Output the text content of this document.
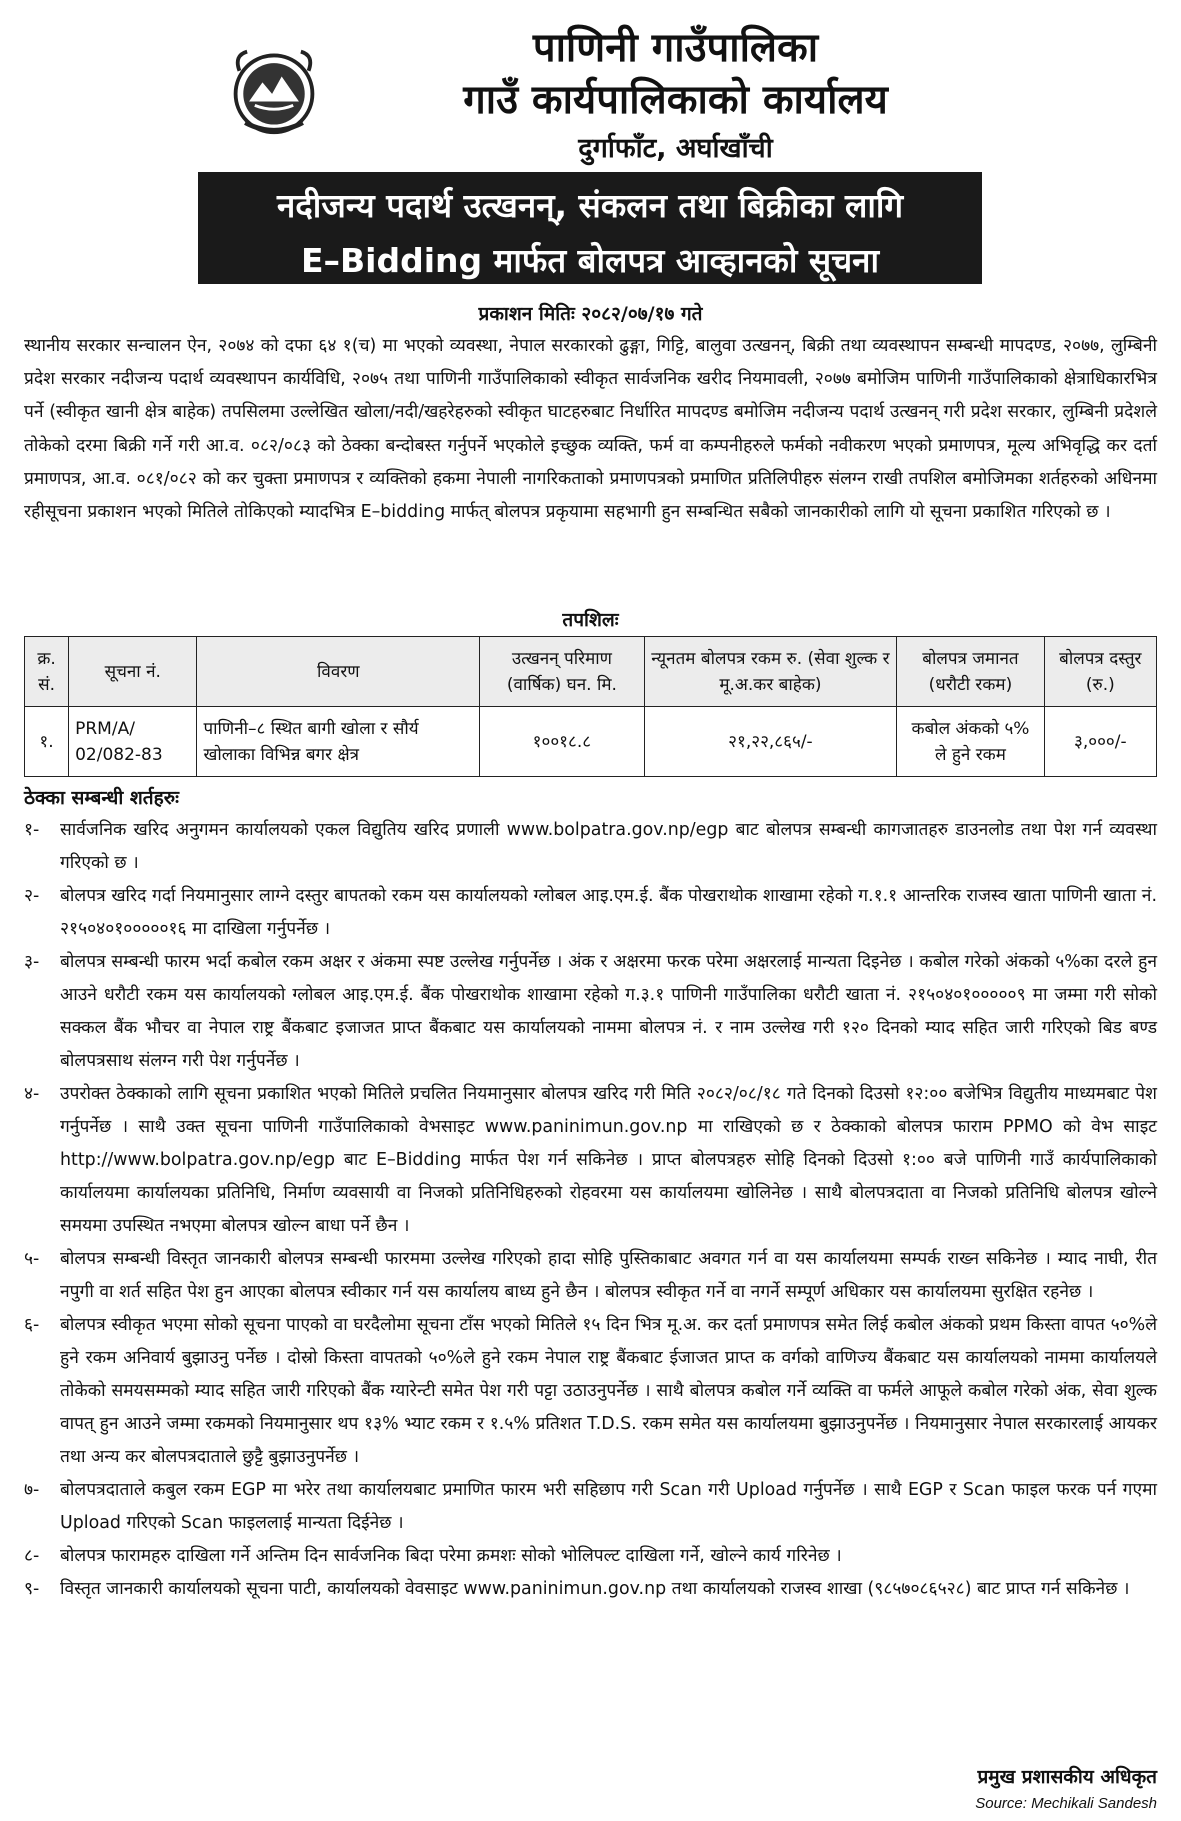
पाणिनी गाउँपालिका
गाउँ कार्यपालिकाको कार्यालय
दुर्गाफाँट, अर्घाखाँची
नदीजन्य पदार्थ उत्खनन्, संकलन तथा बिक्रीका लागि
E–Bidding मार्फत बोलपत्र आव्हानको सूचना
प्रकाशन मितिः २०८२/०७/१७ गते

स्थानीय सरकार सन्चालन ऐन, २०७४ को दफा ६४ १(च) मा भएको व्यवस्था, नेपाल सरकारको ढुङ्गा, गिट्टि, बालुवा उत्खनन्, बिक्री तथा व्यवस्थापन सम्बन्धी मापदण्ड, २०७७, लुम्बिनी प्रदेश सरकार नदीजन्य पदार्थ व्यवस्थापन कार्यविधि, २०७५ तथा पाणिनी गाउँपालिकाको स्वीकृत सार्वजनिक खरीद नियमावली, २०७७ बमोजिम पाणिनी गाउँपालिकाको क्षेत्राधिकारभित्र पर्ने (स्वीकृत खानी क्षेत्र बाहेक) तपसिलमा उल्लेखित खोला/नदी/खहरेहरुको स्वीकृत घाटहरुबाट निर्धारित मापदण्ड बमोजिम नदीजन्य पदार्थ उत्खनन् गरी प्रदेश सरकार, लुम्बिनी प्रदेशले तोकेको दरमा बिक्री गर्ने गरी आ.व. ०८२/०८३ को ठेक्का बन्दोबस्त गर्नुपर्ने भएकोले इच्छुक व्यक्ति, फर्म वा कम्पनीहरुले फर्मको नवीकरण भएको प्रमाणपत्र, मूल्य अभिवृद्धि कर दर्ता प्रमाणपत्र, आ.व. ०८१/०८२ को कर चुक्ता प्रमाणपत्र र व्यक्तिको हकमा नेपाली नागरिकताको प्रमाणपत्रको प्रमाणित प्रतिलिपीहरु संलग्न राखी तपशिल बमोजिमका शर्तहरुको अधिनमा रहीसूचना प्रकाशन भएको मितिले तोकिएको म्यादभित्र E–bidding मार्फत् बोलपत्र प्रकृयामा सहभागी हुन सम्बन्धित सबैको जानकारीको लागि यो सूचना प्रकाशित गरिएको छ ।

तपशिलः
क्र. सं.	सूचना नं.	विवरण	उत्खनन् परिमाण (वार्षिक) घन. मि.	न्यूनतम बोलपत्र रकम रु. (सेवा शुल्क र मू.अ.कर बाहेक)	बोलपत्र जमानत (धरौटी रकम)	बोलपत्र दस्तुर (रु.)
१.	PRM/A/ 02/082-83	पाणिनी–८ स्थित बागी खोला र सौर्य खोलाका विभिन्न बगर क्षेत्र	१००१८.८	२१,२२,८६५/-	कबोल अंकको ५% ले हुने रकम	३,०००/-
ठेक्का सम्बन्धी शर्तहरुः
१-	सार्वजनिक खरिद अनुगमन कार्यालयको एकल विद्युतिय खरिद प्रणाली www.bolpatra.gov.np/egp बाट बोलपत्र सम्बन्धी कागजातहरु डाउनलोड तथा पेश गर्न व्यवस्था गरिएको छ ।
२-	बोलपत्र खरिद गर्दा नियमानुसार लाग्ने दस्तुर बापतको रकम यस कार्यालयको ग्लोबल आइ.एम.ई. बैंक पोखराथोक शाखामा रहेको ग.१.१ आन्तरिक राजस्व खाता पाणिनी खाता नं. २१५०४०१०००००१६ मा दाखिला गर्नुपर्नेछ ।
३-	बोलपत्र सम्बन्धी फारम भर्दा कबोल रकम अक्षर र अंकमा स्पष्ट उल्लेख गर्नुपर्नेछ । अंक र अक्षरमा फरक परेमा अक्षरलाई मान्यता दिइनेछ । कबोल गरेको अंकको ५%का दरले हुन आउने धरौटी रकम यस कार्यालयको ग्लोबल आइ.एम.ई. बैंक पोखराथोक शाखामा रहेको ग.३.१ पाणिनी गाउँपालिका धरौटी खाता नं. २१५०४०१०००००९ मा जम्मा गरी सोको सक्कल बैंक भौचर वा नेपाल राष्ट्र बैंकबाट इजाजत प्राप्त बैंकबाट यस कार्यालयको नाममा बोलपत्र नं. र नाम उल्लेख गरी १२० दिनको म्याद सहित जारी गरिएको बिड बण्ड बोलपत्रसाथ संलग्न गरी पेश गर्नुपर्नेछ ।
४-	उपरोक्त ठेक्काको लागि सूचना प्रकाशित भएको मितिले प्रचलित नियमानुसार बोलपत्र खरिद गरी मिति २०८२/०८/१८ गते दिनको दिउसो १२:०० बजेभित्र विद्युतीय माध्यमबाट पेश गर्नुपर्नेछ । साथै उक्त सूचना पाणिनी गाउँपालिकाको वेभसाइट www.paninimun.gov.np मा राखिएको छ र ठेक्काको बोलपत्र फाराम PPMO को वेभ साइट http://www.bolpatra.gov.np/egp बाट E–Bidding मार्फत पेश गर्न सकिनेछ । प्राप्त बोलपत्रहरु सोहि दिनको दिउसो १:०० बजे पाणिनी गाउँ कार्यपालिकाको कार्यालयमा कार्यालयका प्रतिनिधि, निर्माण व्यवसायी वा निजको प्रतिनिधिहरुको रोहवरमा यस कार्यालयमा खोलिनेछ । साथै बोलपत्रदाता वा निजको प्रतिनिधि बोलपत्र खोल्ने समयमा उपस्थित नभएमा बोलपत्र खोल्न बाधा पर्ने छैन ।
५-	बोलपत्र सम्बन्धी विस्तृत जानकारी बोलपत्र सम्बन्धी फारममा उल्लेख गरिएको हादा सोहि पुस्तिकाबाट अवगत गर्न वा यस कार्यालयमा सम्पर्क राख्न सकिनेछ । म्याद नाघी, रीत नपुगी वा शर्त सहित पेश हुन आएका बोलपत्र स्वीकार गर्न यस कार्यालय बाध्य हुने छैन । बोलपत्र स्वीकृत गर्ने वा नगर्ने सम्पूर्ण अधिकार यस कार्यालयमा सुरक्षित रहनेछ ।
६-	बोलपत्र स्वीकृत भएमा सोको सूचना पाएको वा घरदैलोमा सूचना टाँस भएको मितिले १५ दिन भित्र मू.अ. कर दर्ता प्रमाणपत्र समेत लिई कबोल अंकको प्रथम किस्ता वापत ५०%ले हुने रकम अनिवार्य बुझाउनु पर्नेछ । दोस्रो किस्ता वापतको ५०%ले हुने रकम नेपाल राष्ट्र बैंकबाट ईजाजत प्राप्त क वर्गको वाणिज्य बैंकबाट यस कार्यालयको नाममा कार्यालयले तोकेको समयसम्मको म्याद सहित जारी गरिएको बैंक ग्यारेन्टी समेत पेश गरी पट्टा उठाउनुपर्नेछ । साथै बोलपत्र कबोल गर्ने व्यक्ति वा फर्मले आफूले कबोल गरेको अंक, सेवा शुल्क वापत् हुन आउने जम्मा रकमको नियमानुसार थप १३% भ्याट रकम र १.५% प्रतिशत T.D.S. रकम समेत यस कार्यालयमा बुझाउनुपर्नेछ । नियमानुसार नेपाल सरकारलाई आयकर तथा अन्य कर बोलपत्रदाताले छुट्टै बुझाउनुपर्नेछ ।
७-	बोलपत्रदाताले कबुल रकम EGP मा भरेर तथा कार्यालयबाट प्रमाणित फारम भरी सहिछाप गरी Scan गरी Upload गर्नुपर्नेछ । साथै EGP र Scan फाइल फरक पर्न गएमा Upload गरिएको Scan फाइललाई मान्यता दिईनेछ ।
८-	बोलपत्र फारामहरु दाखिला गर्ने अन्तिम दिन सार्वजनिक बिदा परेमा क्रमशः सोको भोलिपल्ट दाखिला गर्ने, खोल्ने कार्य गरिनेछ ।
९-	विस्तृत जानकारी कार्यालयको सूचना पाटी, कार्यालयको वेवसाइट www.paninimun.gov.np तथा कार्यालयको राजस्व शाखा (९८५७०८६५२८) बाट प्राप्त गर्न सकिनेछ ।
प्रमुख प्रशासकीय अधिकृत
Source: Mechikali Sandesh
